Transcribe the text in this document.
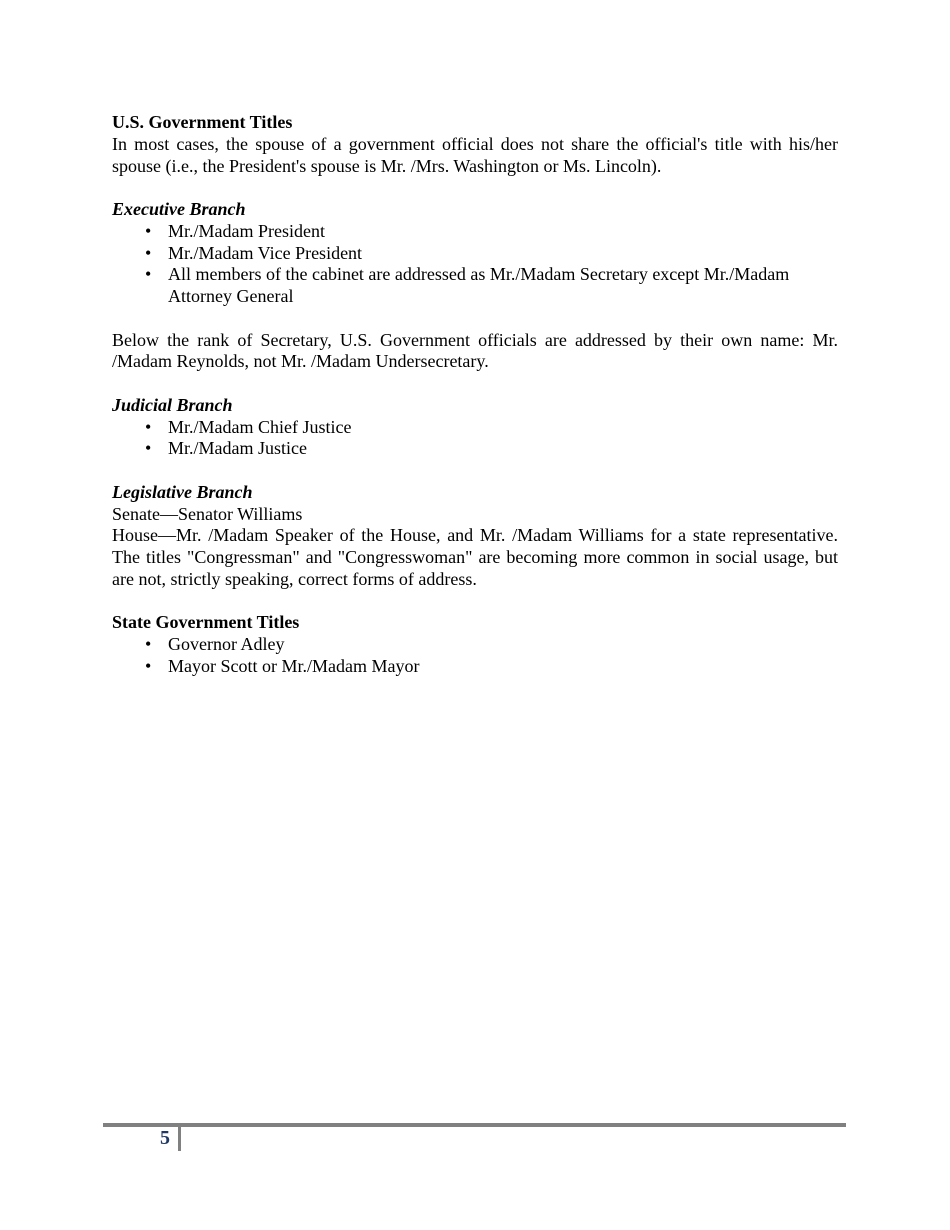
U.S. Government Titles

In most cases, the spouse of a government official does not share the official's title with his/her spouse (i.e., the President's spouse is Mr. /Mrs. Washington or Ms. Lincoln).

Executive Branch
• Mr./Madam President
• Mr./Madam Vice President
• All members of the cabinet are addressed as Mr./Madam Secretary except Mr./Madam Attorney General

Below the rank of Secretary, U.S. Government officials are addressed by their own name: Mr. /Madam Reynolds, not Mr. /Madam Undersecretary.

Judicial Branch
• Mr./Madam Chief Justice
• Mr./Madam Justice
Legislative Branch

Senate—Senator Williams

House—Mr. /Madam Speaker of the House, and Mr. /Madam Williams for a state representative. The titles "Congressman" and "Congresswoman" are becoming more common in social usage, but are not, strictly speaking, correct forms of address.

State Government Titles
• Governor Adley
• Mayor Scott or Mr./Madam Mayor
5
